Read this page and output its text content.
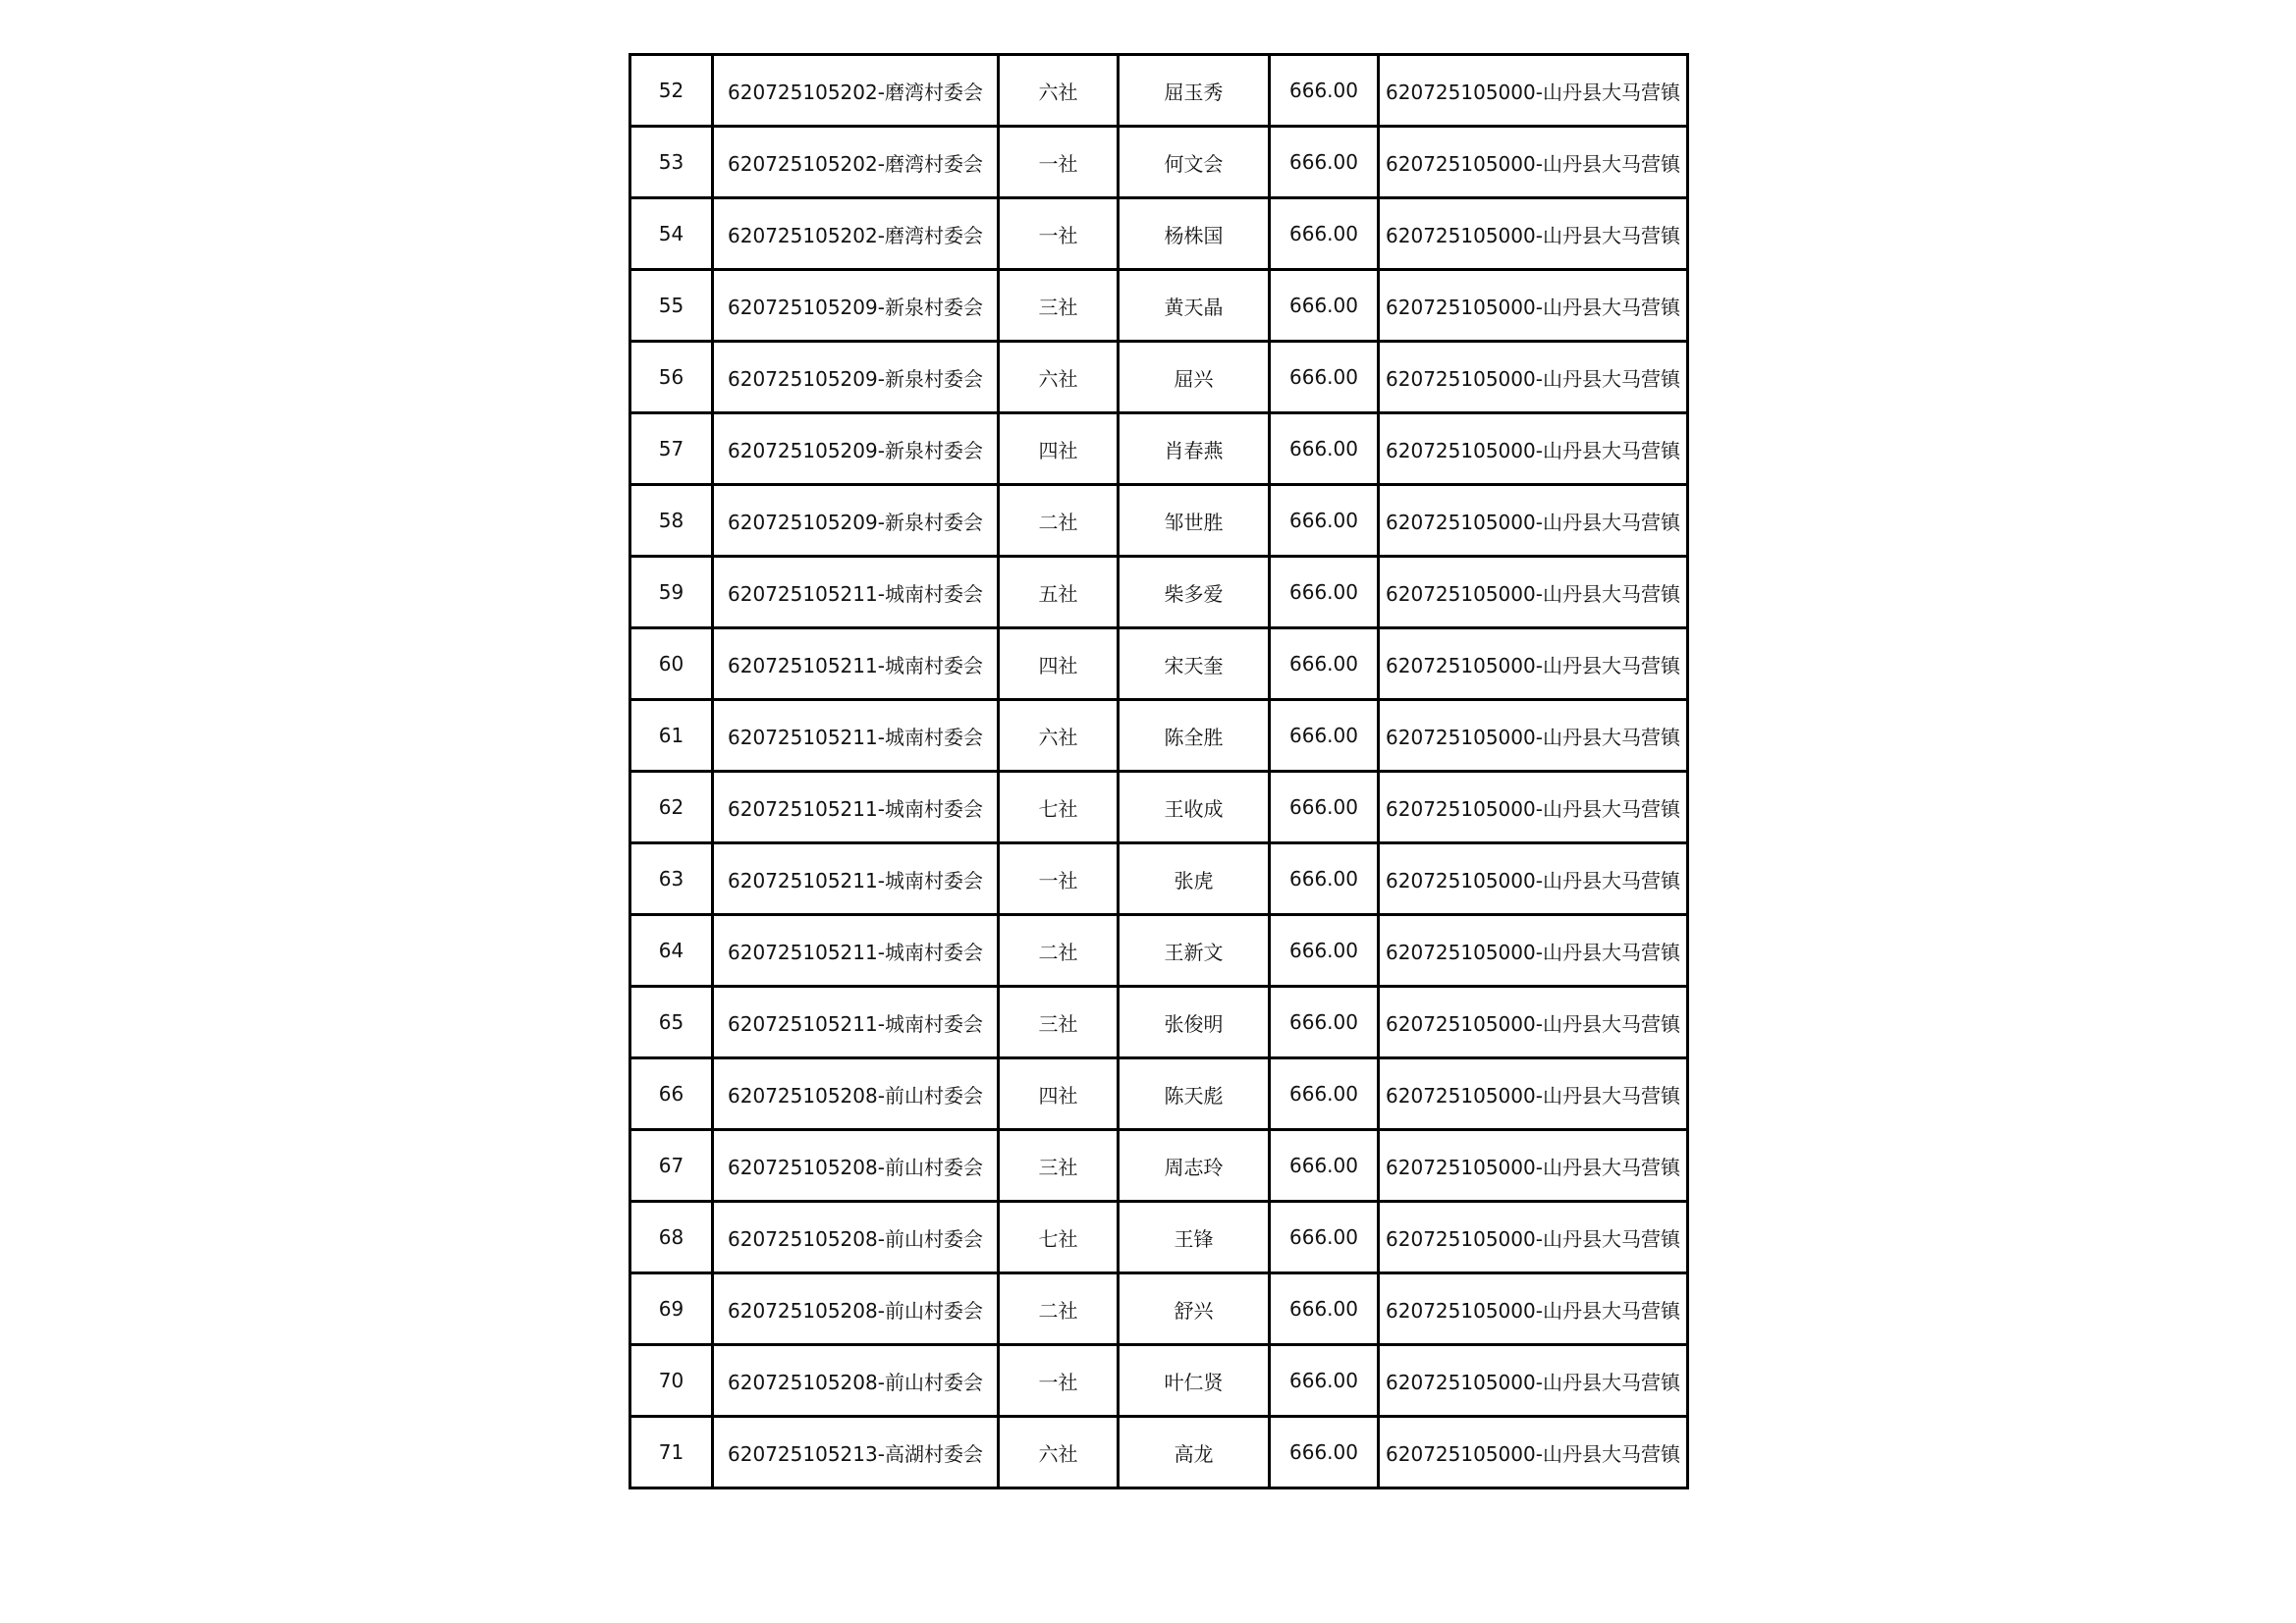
52	620725105202-磨湾村委会	六社	屈玉秀	666.00	620725105000-山丹县大马营镇
53	620725105202-磨湾村委会	一社	何文会	666.00	620725105000-山丹县大马营镇
54	620725105202-磨湾村委会	一社	杨株国	666.00	620725105000-山丹县大马营镇
55	620725105209-新泉村委会	三社	黄天晶	666.00	620725105000-山丹县大马营镇
56	620725105209-新泉村委会	六社	屈兴	666.00	620725105000-山丹县大马营镇
57	620725105209-新泉村委会	四社	肖春燕	666.00	620725105000-山丹县大马营镇
58	620725105209-新泉村委会	二社	邹世胜	666.00	620725105000-山丹县大马营镇
59	620725105211-城南村委会	五社	柴多爱	666.00	620725105000-山丹县大马营镇
60	620725105211-城南村委会	四社	宋天奎	666.00	620725105000-山丹县大马营镇
61	620725105211-城南村委会	六社	陈全胜	666.00	620725105000-山丹县大马营镇
62	620725105211-城南村委会	七社	王收成	666.00	620725105000-山丹县大马营镇
63	620725105211-城南村委会	一社	张虎	666.00	620725105000-山丹县大马营镇
64	620725105211-城南村委会	二社	王新文	666.00	620725105000-山丹县大马营镇
65	620725105211-城南村委会	三社	张俊明	666.00	620725105000-山丹县大马营镇
66	620725105208-前山村委会	四社	陈天彪	666.00	620725105000-山丹县大马营镇
67	620725105208-前山村委会	三社	周志玲	666.00	620725105000-山丹县大马营镇
68	620725105208-前山村委会	七社	王锋	666.00	620725105000-山丹县大马营镇
69	620725105208-前山村委会	二社	舒兴	666.00	620725105000-山丹县大马营镇
70	620725105208-前山村委会	一社	叶仁贤	666.00	620725105000-山丹县大马营镇
71	620725105213-高湖村委会	六社	高龙	666.00	620725105000-山丹县大马营镇
